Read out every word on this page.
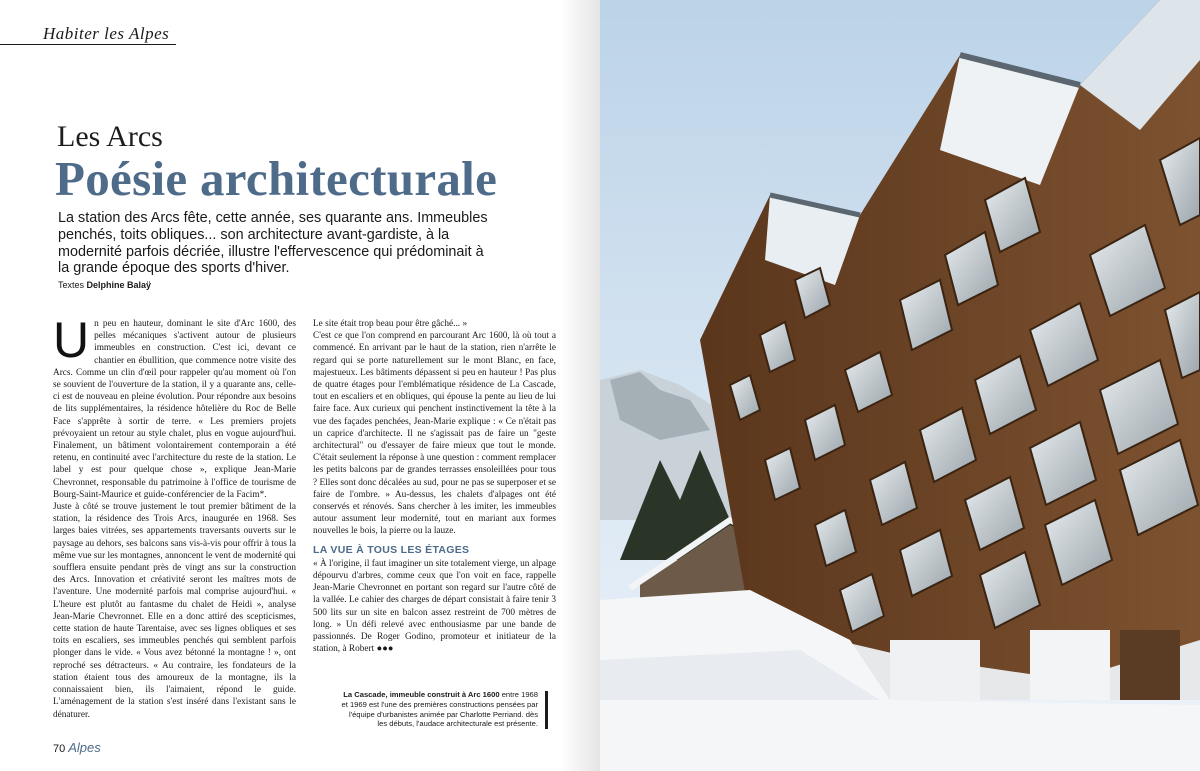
Habiter les Alpes
Les Arcs
Poésie architecturale
La station des Arcs fête, cette année, ses quarante ans. Immeubles penchés, toits obliques... son architecture avant-gardiste, à la modernité parfois décriée, illustre l'effervescence qui prédominait à la grande époque des sports d'hiver.
Textes Delphine Balaÿ

Un peu en hauteur, dominant le site d'Arc 1600, des pelles mécaniques s'activent autour de plusieurs immeubles en construction. C'est ici, devant ce chantier en ébullition, que commence notre visite des Arcs. Comme un clin d'œil pour rappeler qu'au moment où l'on se souvient de l'ouverture de la station, il y a quarante ans, celle-ci est de nouveau en pleine évolution. Pour répondre aux besoins de lits supplémentaires, la résidence hôtelière du Roc de Belle Face s'apprête à sortir de terre. « Les premiers projets prévoyaient un retour au style chalet, plus en vogue aujourd'hui. Finalement, un bâtiment volontairement contemporain a été retenu, en continuité avec l'architecture du reste de la station. Le label y est pour quelque chose », explique Jean-Marie Chevronnet, responsable du patrimoine à l'office de tourisme de Bourg-Saint-Maurice et guide-conférencier de la Facim*.

Juste à côté se trouve justement le tout premier bâtiment de la station, la résidence des Trois Arcs, inaugurée en 1968. Ses larges baies vitrées, ses appartements traversants ouverts sur le paysage au dehors, ses balcons sans vis-à-vis pour offrir à tous la même vue sur les montagnes, annoncent le vent de modernité qui soufflera ensuite pendant près de vingt ans sur la construction des Arcs. Innovation et créativité seront les maîtres mots de l'aventure. Une modernité parfois mal comprise aujourd'hui. « L'heure est plutôt au fantasme du chalet de Heidi », analyse Jean-Marie Chevronnet. Elle en a donc attiré des scepticismes, cette station de haute Tarentaise, avec ses lignes obliques et ses toits en escaliers, ses immeubles penchés qui semblent parfois plonger dans le vide. « Vous avez bétonné la montagne ! », ont reproché ses détracteurs. « Au contraire, les fondateurs de la station étaient tous des amoureux de la montagne, ils la connaissaient bien, ils l'aimaient, répond le guide. L'aménagement de la station s'est inséré dans l'existant sans le dénaturer.

Le site était trop beau pour être gâché... »

C'est ce que l'on comprend en parcourant Arc 1600, là où tout a commencé. En arrivant par le haut de la station, rien n'arrête le regard qui se porte naturellement sur le mont Blanc, en face, majestueux. Les bâtiments dépassent si peu en hauteur ! Pas plus de quatre étages pour l'emblématique résidence de La Cascade, tout en escaliers et en obliques, qui épouse la pente au lieu de lui faire face. Aux curieux qui penchent instinctivement la tête à la vue des façades penchées, Jean-Marie explique : « Ce n'était pas un caprice d'architecte. Il ne s'agissait pas de faire un "geste architectural" ou d'essayer de faire mieux que tout le monde. C'était seulement la réponse à une question : comment remplacer les petits balcons par de grandes terrasses ensoleillées pour tous ? Elles sont donc décalées au sud, pour ne pas se superposer et se faire de l'ombre. » Au-dessus, les chalets d'alpages ont été conservés et rénovés. Sans chercher à les imiter, les immeubles autour assument leur modernité, tout en mariant aux formes nouvelles le bois, la pierre ou la lauze.

LA VUE À TOUS LES ÉTAGES

« À l'origine, il faut imaginer un site totalement vierge, un alpage dépourvu d'arbres, comme ceux que l'on voit en face, rappelle Jean-Marie Chevronnet en portant son regard sur l'autre côté de la vallée. Le cahier des charges de départ consistait à faire tenir 3 500 lits sur un site en balcon assez restreint de 700 mètres de long. » Un défi relevé avec enthousiasme par une bande de passionnés. De Roger Godino, promoteur et initiateur de la station, à Robert ●●●

La Cascade, immeuble construit à Arc 1600 entre 1968 et 1969 est l'une des premières constructions pensées par l'équipe d'urbanistes animée par Charlotte Perriand. dès les débuts, l'audace architecturale est présente.
70 Alpes
